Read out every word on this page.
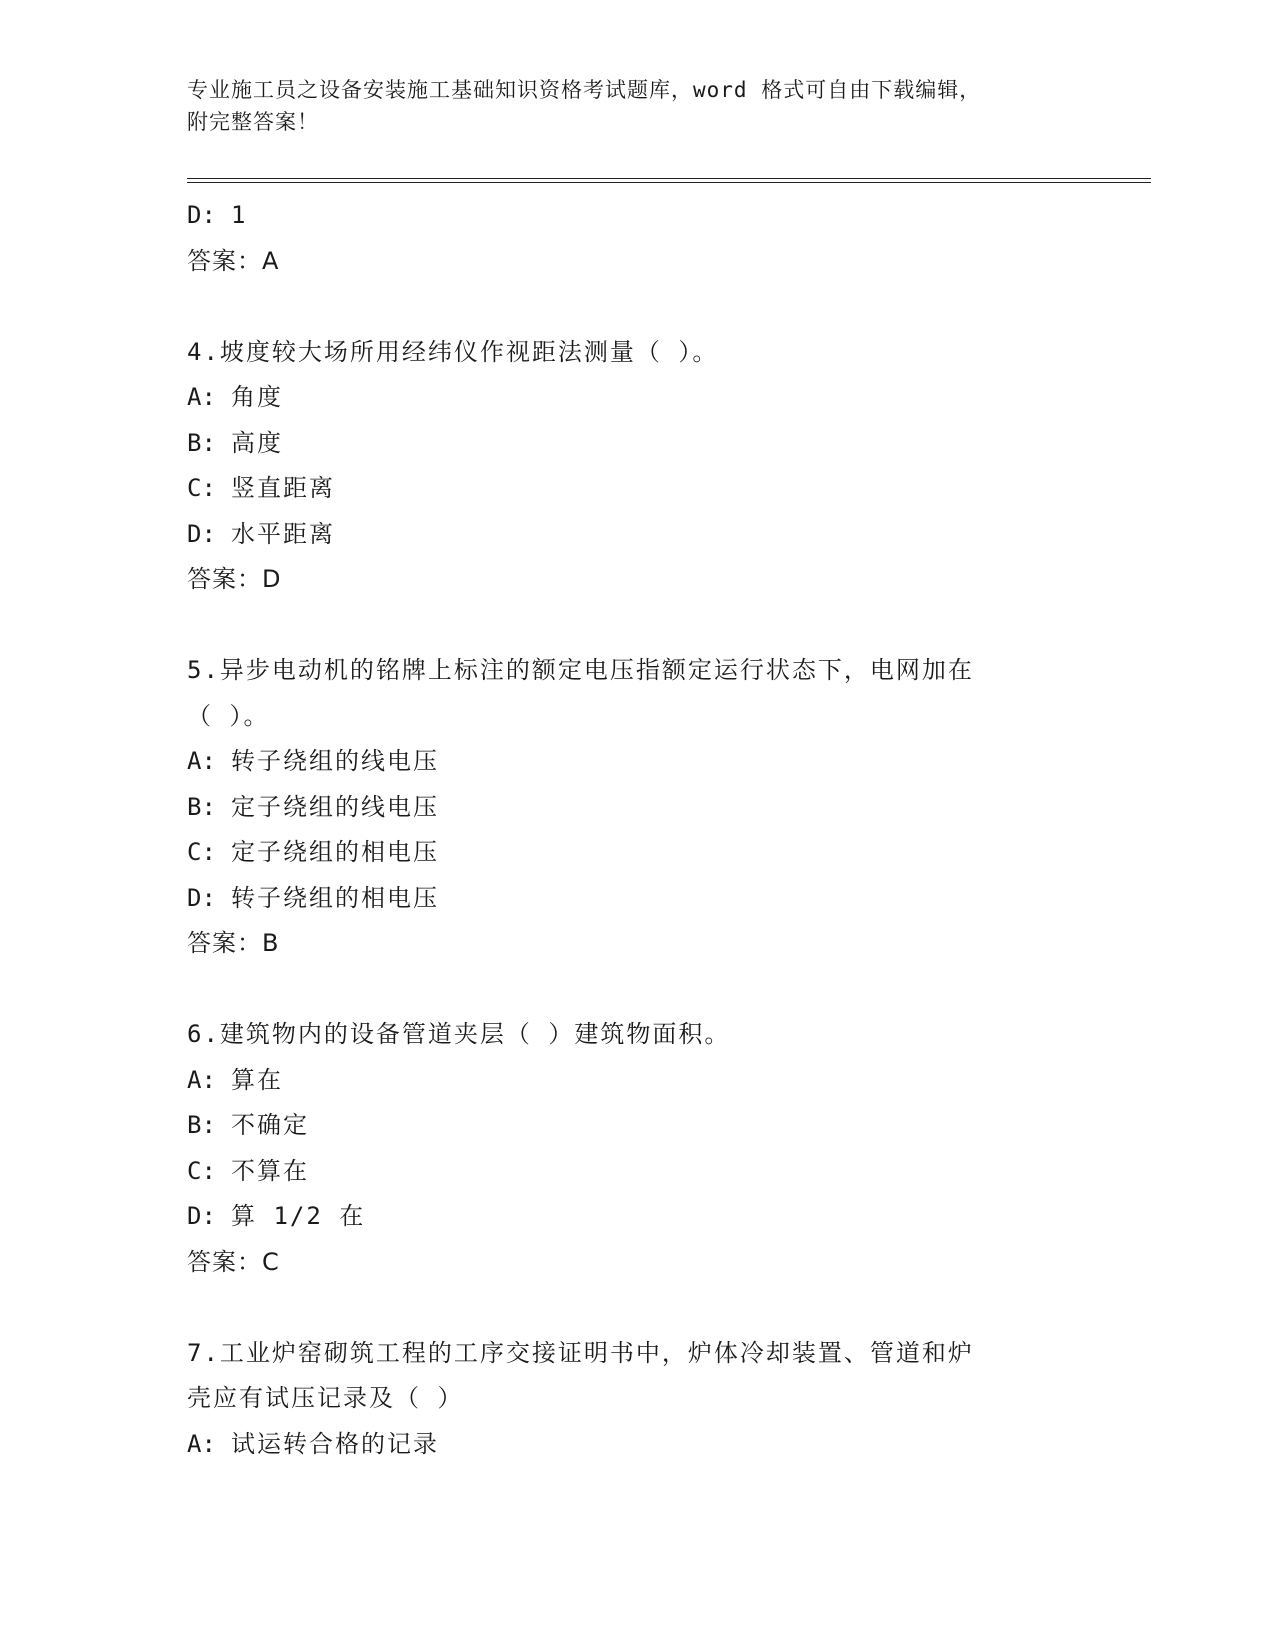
专业施工员之设备安装施工基础知识资格考试题库，word 格式可自由下载编辑，
附完整答案！
D: 1
答案：A
4.坡度较大场所用经纬仪作视距法测量（ ）。
A: 角度
B: 高度
C: 竖直距离
D: 水平距离
答案：D
5.异步电动机的铭牌上标注的额定电压指额定运行状态下，电网加在
（ ）。
A: 转子绕组的线电压
B: 定子绕组的线电压
C: 定子绕组的相电压
D: 转子绕组的相电压
答案：B
6.建筑物内的设备管道夹层（ ）建筑物面积。
A: 算在
B: 不确定
C: 不算在
D: 算 1/2 在
答案：C
7.工业炉窑砌筑工程的工序交接证明书中，炉体冷却装置、管道和炉
壳应有试压记录及（ ）
A: 试运转合格的记录
